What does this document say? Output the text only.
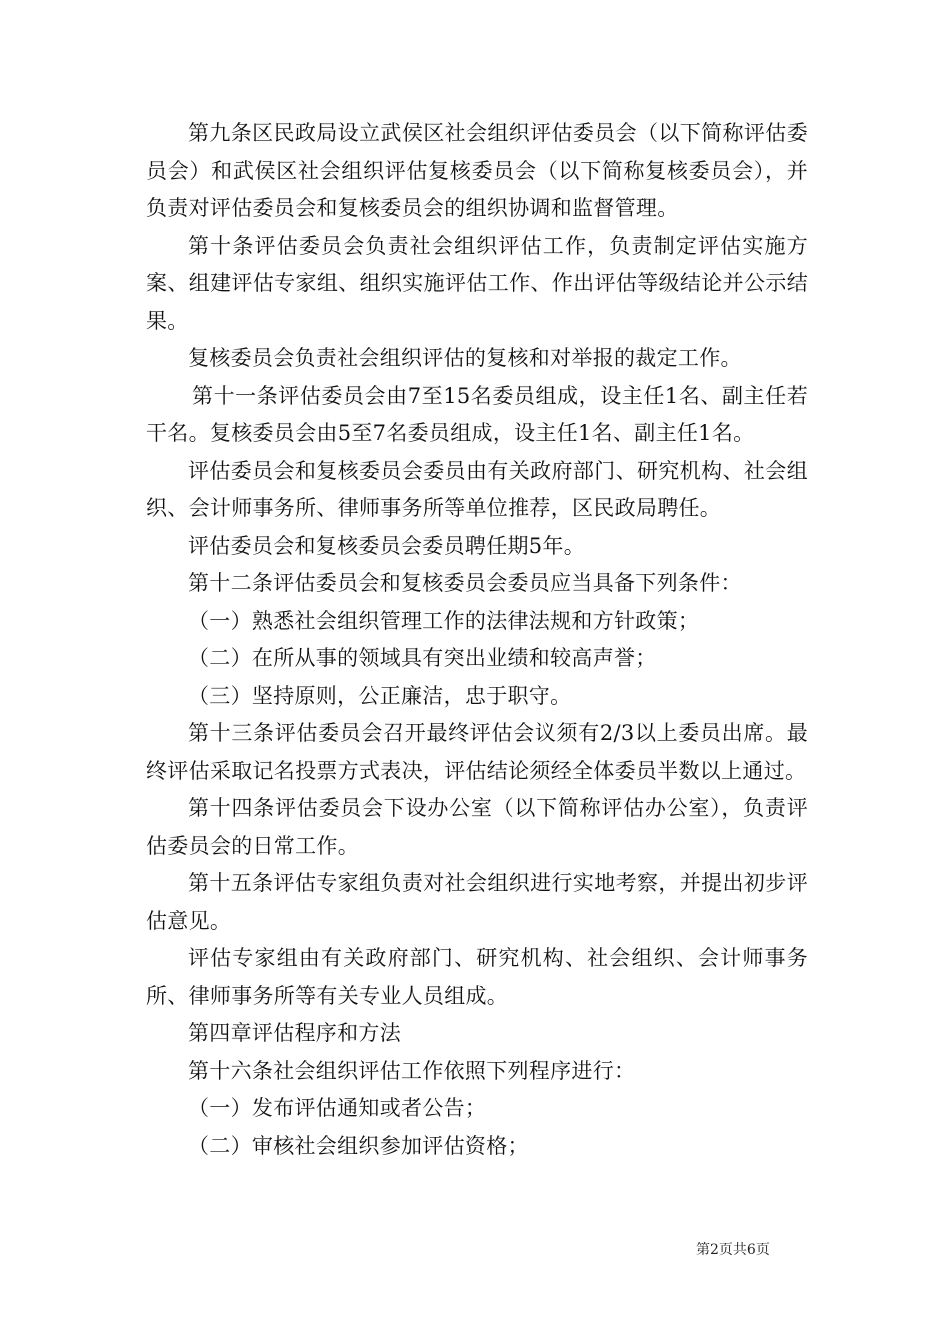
第九条区民政局设立武侯区社会组织评估委员会（以下简称评估委员会）和武侯区社会组织评估复核委员会（以下简称复核委员会），并负责对评估委员会和复核委员会的组织协调和监督管理。

第十条评估委员会负责社会组织评估工作，负责制定评估实施方案、组建评估专家组、组织实施评估工作、作出评估等级结论并公示结果。

复核委员会负责社会组织评估的复核和对举报的裁定工作。

第十一条评估委员会由7至15名委员组成，设主任1名、副主任若干名。复核委员会由5至7名委员组成，设主任1名、副主任1名。

评估委员会和复核委员会委员由有关政府部门、研究机构、社会组织、会计师事务所、律师事务所等单位推荐，区民政局聘任。

评估委员会和复核委员会委员聘任期5年。

第十二条评估委员会和复核委员会委员应当具备下列条件：

（一）熟悉社会组织管理工作的法律法规和方针政策；

（二）在所从事的领域具有突出业绩和较高声誉；

（三）坚持原则，公正廉洁，忠于职守。

第十三条评估委员会召开最终评估会议须有2/3以上委员出席。最终评估采取记名投票方式表决，评估结论须经全体委员半数以上通过。

第十四条评估委员会下设办公室（以下简称评估办公室），负责评估委员会的日常工作。

第十五条评估专家组负责对社会组织进行实地考察，并提出初步评估意见。

评估专家组由有关政府部门、研究机构、社会组织、会计师事务所、律师事务所等有关专业人员组成。

第四章评估程序和方法

第十六条社会组织评估工作依照下列程序进行：

（一）发布评估通知或者公告；

（二）审核社会组织参加评估资格；

第2页共6页
